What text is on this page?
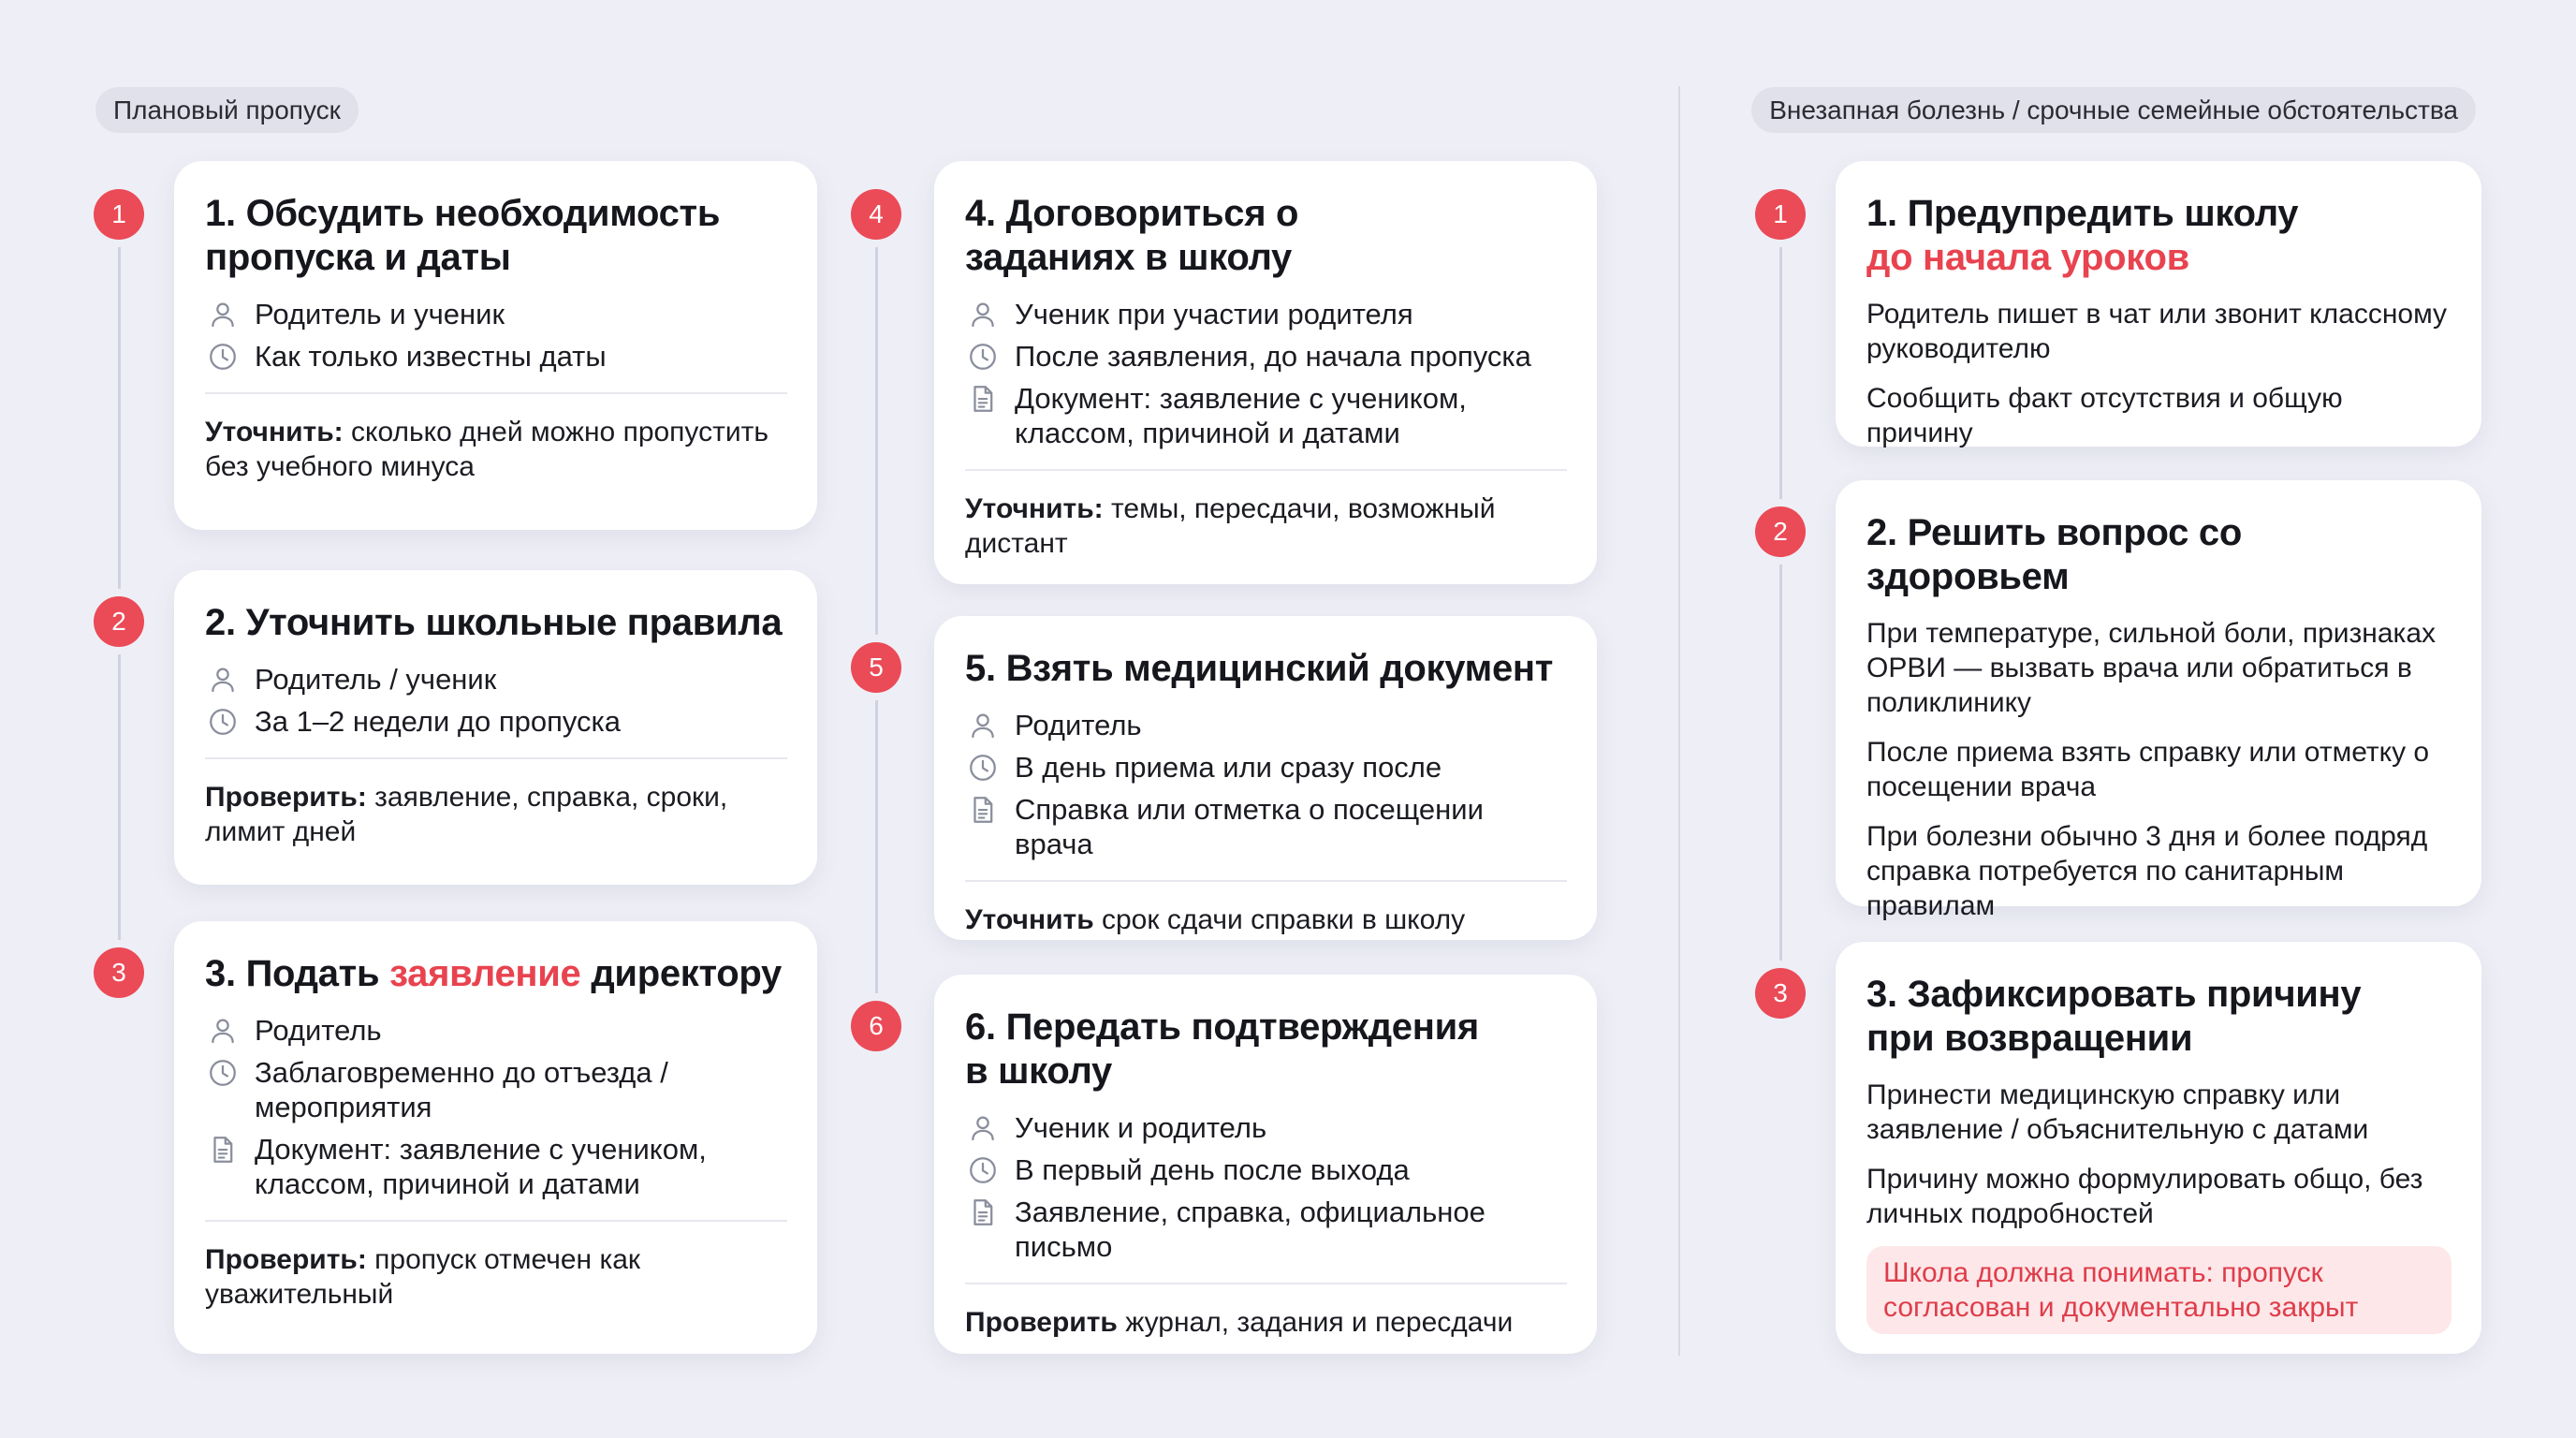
Плановый пропуск	Внезапная болезнь / срочные семейные обстоятельства
1	1. Обсудить необходимость пропуска и даты
Родитель и ученик
Как только известны даты
Уточнить: сколько дней можно пропустить без учебного минуса
2	2. Уточнить школьные правила
Родитель / ученик
За 1–2 недели до пропуска
Проверить: заявление, справка, сроки, лимит дней
3	3. Подать заявление директору
Родитель
Заблаговременно до отъезда / мероприятия
Документ: заявление с учеником, классом, причиной и датами
Проверить: пропуск отмечен как уважительный
4	4. Договориться о заданиях в школу
Ученик при участии родителя
После заявления, до начала пропуска
Документ: заявление с учеником, классом, причиной и датами
Уточнить: темы, пересдачи, возможный дистант
5	5. Взять медицинский документ
Родитель
В день приема или сразу после
Справка или отметка о посещении врача
Уточнить срок сдачи справки в школу
6	6. Передать подтверждения в школу
Ученик и родитель
В первый день после выхода
Заявление, справка, официальное письмо
Проверить журнал, задания и пересдачи
1	1. Предупредить школу
до начала уроков
Родитель пишет в чат или звонит классному руководителю
Сообщить факт отсутствия и общую причину
2	2. Решить вопрос со здоровьем
При температуре, сильной боли, признаках ОРВИ — вызвать врача или обратиться в поликлинику
После приема взять справку или отметку о посещении врача
При болезни обычно 3 дня и более подряд справка потребуется по санитарным правилам
3	3. Зафиксировать причину при возвращении
Принести медицинскую справку или заявление / объяснительную с датами
Причину можно формулировать общо, без личных подробностей
Школа должна понимать: пропуск согласован и документально закрыт
